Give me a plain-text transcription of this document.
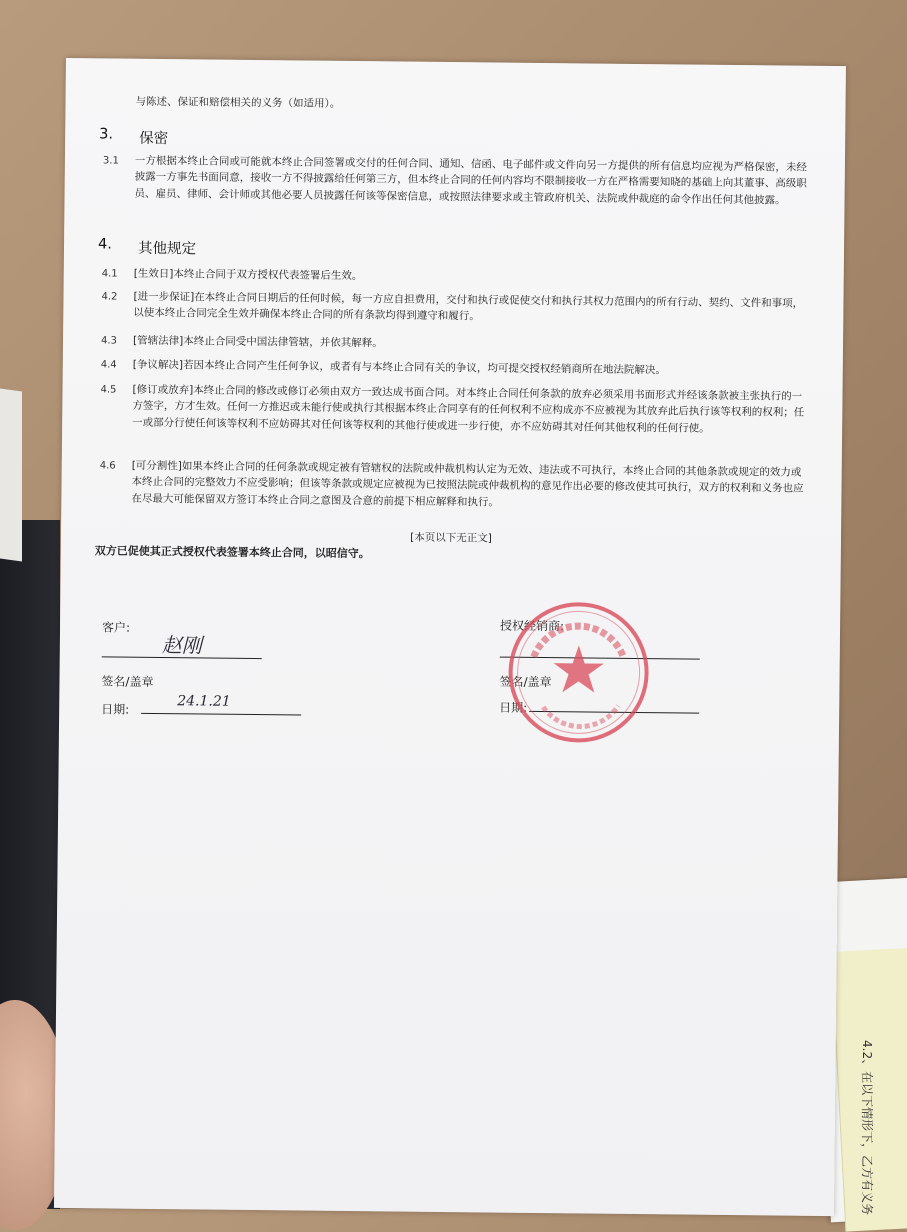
4.2、在以下情形下，乙方有义务
与陈述、保证和赔偿相关的义务（如适用）。
3. 保密
3.1 一方根据本终止合同或可能就本终止合同签署或交付的任何合同、通知、信函、电子邮件或文件向另一方提供的所有信息均应视为严格保密，未经披露一方事先书面同意，接收一方不得披露给任何第三方，但本终止合同的任何内容均不限制接收一方在严格需要知晓的基础上向其董事、高级职员、雇员、律师、会计师或其他必要人员披露任何该等保密信息，或按照法律要求或主管政府机关、法院或仲裁庭的命令作出任何其他披露。
4. 其他规定
4.1 [生效日]本终止合同于双方授权代表签署后生效。
4.2 [进一步保证]在本终止合同日期后的任何时候，每一方应自担费用，交付和执行或促使交付和执行其权力范围内的所有行动、契约、文件和事项，以使本终止合同完全生效并确保本终止合同的所有条款均得到遵守和履行。
4.3 [管辖法律]本终止合同受中国法律管辖，并依其解释。
4.4 [争议解决]若因本终止合同产生任何争议，或者有与本终止合同有关的争议，均可提交授权经销商所在地法院解决。
4.5 [修订或放弃]本终止合同的修改或修订必须由双方一致达成书面合同。对本终止合同任何条款的放弃必须采用书面形式并经该条款被主张执行的一方签字，方才生效。任何一方推迟或未能行使或执行其根据本终止合同享有的任何权利不应构成亦不应被视为其放弃此后执行该等权利的权利；任一或部分行使任何该等权利不应妨碍其对任何该等权利的其他行使或进一步行使，亦不应妨碍其对任何其他权利的任何行使。
4.6 [可分割性]如果本终止合同的任何条款或规定被有管辖权的法院或仲裁机构认定为无效、违法或不可执行，本终止合同的其他条款或规定的效力或本终止合同的完整效力不应受影响；但该等条款或规定应被视为已按照法院或仲裁机构的意见作出必要的修改使其可执行，双方的权利和义务也应在尽最大可能保留双方签订本终止合同之意图及合意的前提下相应解释和执行。
[本页以下无正文]
双方已促使其正式授权代表签署本终止合同，以昭信守。
客户:
赵刚
签名/盖章
日期:	24.1.21
授权经销商:
签名/盖章
日期:
